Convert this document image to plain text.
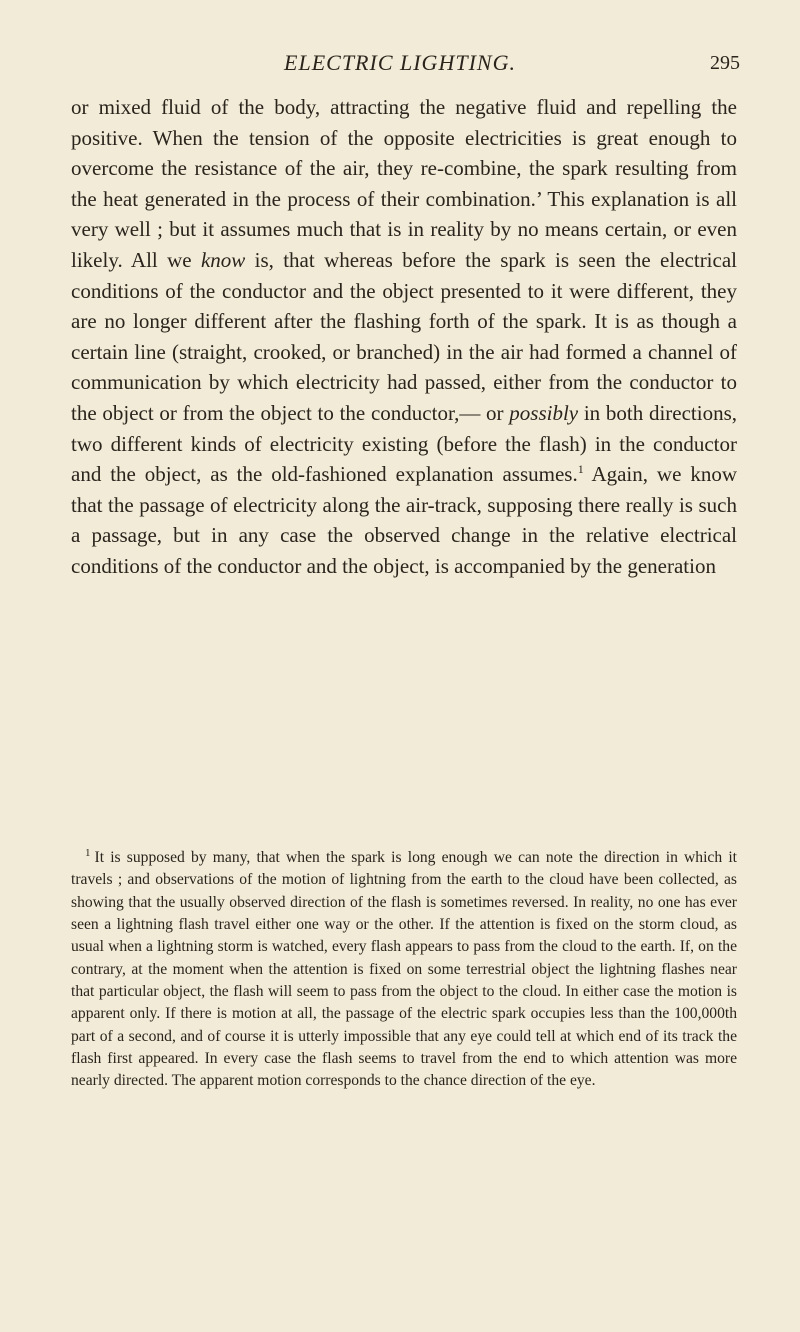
ELECTRIC LIGHTING.	295

or mixed fluid of the body, attracting the negative fluid and repelling the positive. When the tension of the opposite electricities is great enough to overcome the resistance of the air, they re-combine, the spark resulting from the heat generated in the process of their combination.’ This explanation is all very well ; but it assumes much that is in reality by no means certain, or even likely. All we know is, that whereas before the spark is seen the electrical conditions of the conductor and the object presented to it were different, they are no longer different after the flashing forth of the spark. It is as though a certain line (straight, crooked, or branched) in the air had formed a channel of communication by which electricity had passed, either from the conductor to the object or from the object to the conductor,— or possibly in both directions, two different kinds of electricity existing (before the flash) in the conductor and the object, as the old-fashioned explanation assumes.$^1$ Again, we know that the passage of electricity along the air-track, supposing there really is such a passage, but in any case the observed change in the relative electrical conditions of the conductor and the object, is accompanied by the generation

$^1$ It is supposed by many, that when the spark is long enough we can note the direction in which it travels ; and observations of the motion of lightning from the earth to the cloud have been collected, as showing that the usually observed direction of the flash is sometimes reversed. In reality, no one has ever seen a lightning flash travel either one way or the other. If the attention is fixed on the storm cloud, as usual when a lightning storm is watched, every flash appears to pass from the cloud to the earth. If, on the contrary, at the moment when the attention is fixed on some terrestrial object the lightning flashes near that particular object, the flash will seem to pass from the object to the cloud. In either case the motion is apparent only. If there is motion at all, the passage of the electric spark occupies less than the 100,000th part of a second, and of course it is utterly impossible that any eye could tell at which end of its track the flash first appeared. In every case the flash seems to travel from the end to which attention was more nearly directed. The apparent motion corresponds to the chance direction of the eye.
